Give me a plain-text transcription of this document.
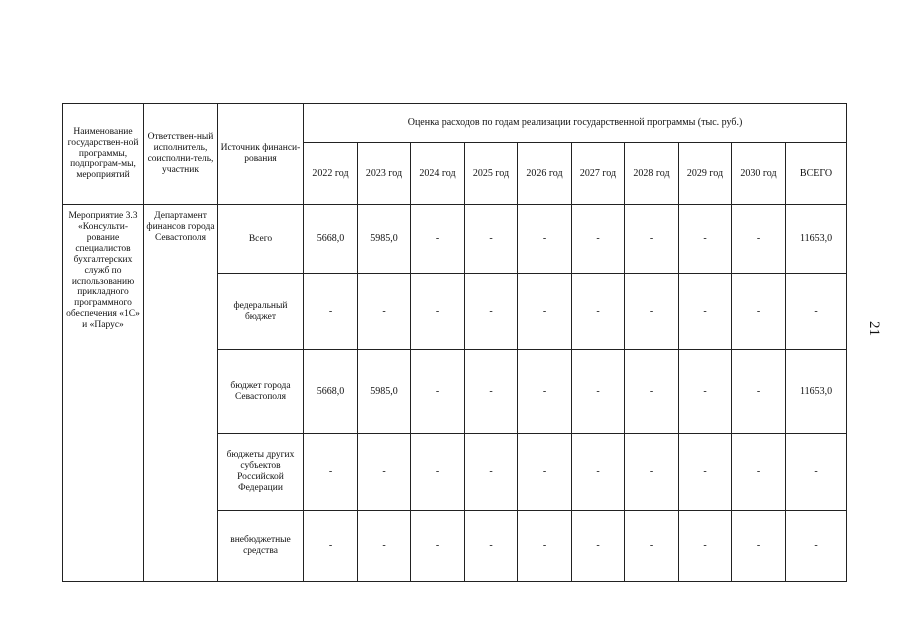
Наименование государствен-ной программы, подпрограм-мы, мероприятий	Ответствен-ный исполнитель, соисполни-тель, участник	Источник финанси-рования	Оценка расходов по годам реализации государственной программы (тыс. руб.)									
			2022 год	2023 год	2024 год	2025 год	2026 год	2027 год	2028 год	2029 год	2030 год	ВСЕГО
Мероприятие 3.3 «Консульти-рование специалистов бухгалтерских служб по использованию прикладного программного обеспечения «1С» и «Парус»	Департамент финансов города Севастополя	Всего	5668,0	5985,0	-	-	-	-	-	-	-	11653,0
		федеральный бюджет	-	-	-	-	-	-	-	-	-	-
		бюджет города Севастополя	5668,0	5985,0	-	-	-	-	-	-	-	11653,0
		бюджеты других субъектов Российской Федерации	-	-	-	-	-	-	-	-	-	-
		внебюджетные средства	-	-	-	-	-	-	-	-	-	-
21
